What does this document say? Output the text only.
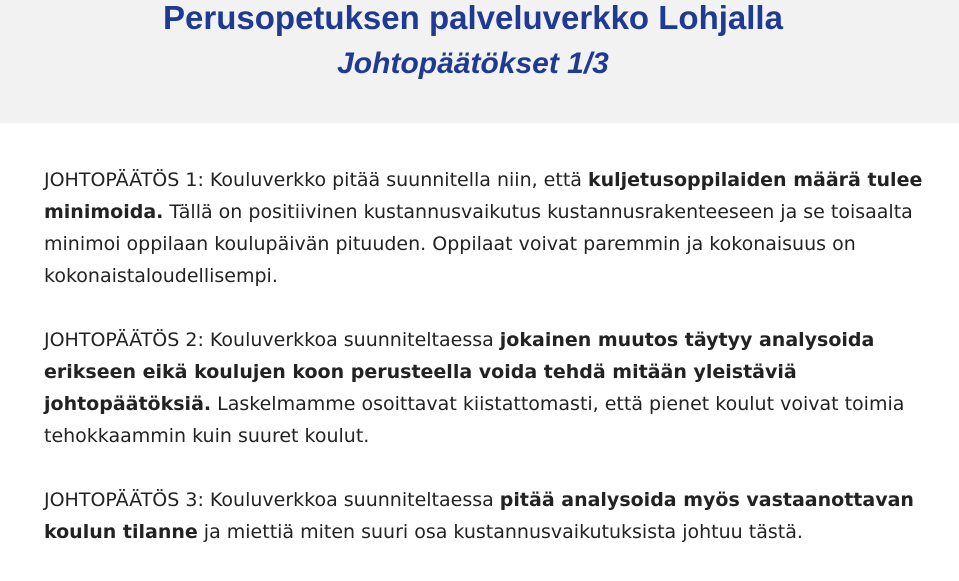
Perusopetuksen palveluverkko Lohjalla
Johtopäätökset 1/3

JOHTOPÄÄTÖS 1: Kouluverkko pitää suunnitella niin, että kuljetusoppilaiden määrä tulee minimoida. Tällä on positiivinen kustannusvaikutus kustannusrakenteeseen ja se toisaalta minimoi oppilaan koulupäivän pituuden. Oppilaat voivat paremmin ja kokonaisuus on kokonaistaloudellisempi.

JOHTOPÄÄTÖS 2: Kouluverkkoa suunniteltaessa jokainen muutos täytyy analysoida erikseen eikä koulujen koon perusteella voida tehdä mitään yleistäviä johtopäätöksiä. Laskelmamme osoittavat kiistattomasti, että pienet koulut voivat toimia tehokkaammin kuin suuret koulut.

JOHTOPÄÄTÖS 3: Kouluverkkoa suunniteltaessa pitää analysoida myös vastaanottavan koulun tilanne ja miettiä miten suuri osa kustannusvaikutuksista johtuu tästä.
